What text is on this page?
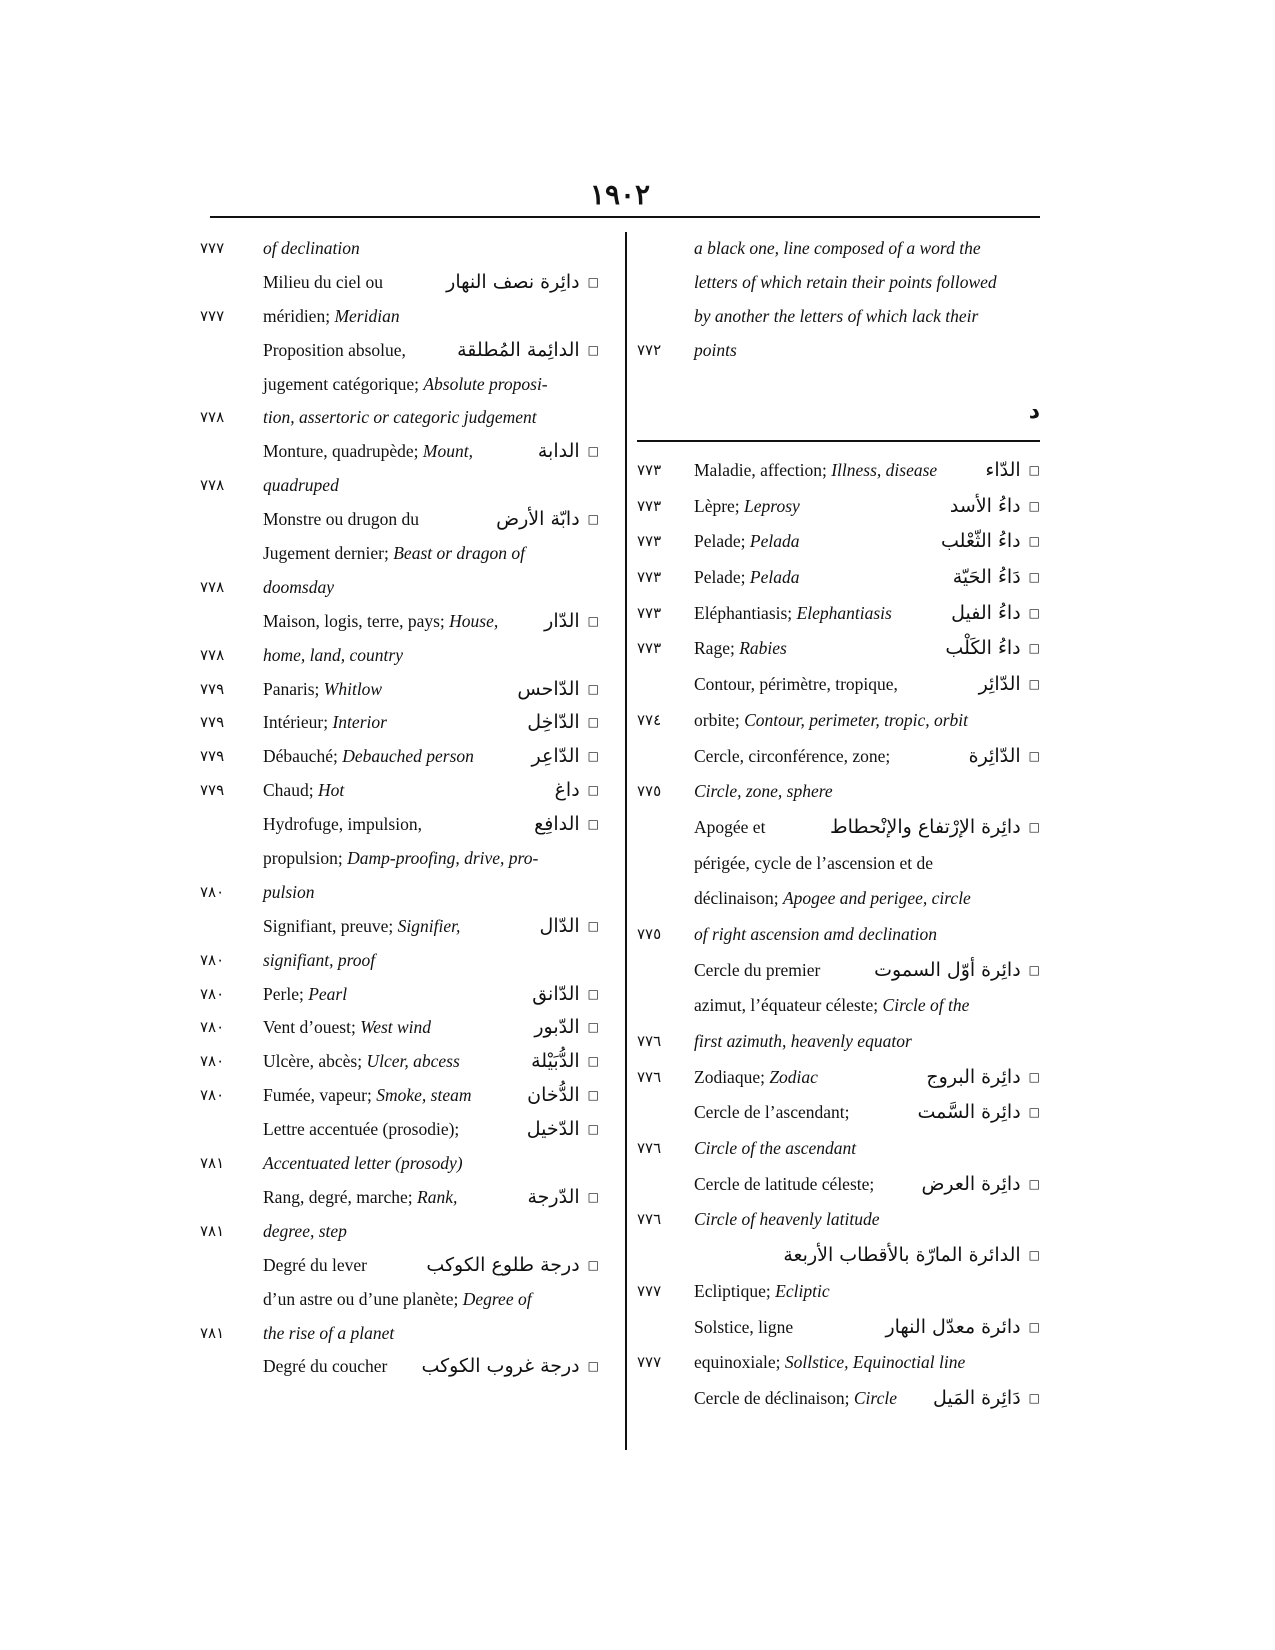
١٩٠٢
٧٧٧	of declination
Milieu du ciel ou	□دائِرة نصف النهار
٧٧٧	méridien; Meridian
Proposition absolue,	□الدائِمة المُطلقة
jugement catégorique; Absolute proposi-
٧٧٨	tion, assertoric or categoric judgement
Monture, quadrupède; Mount,	□الدابة
٧٧٨	quadruped
Monstre ou drugon du	□دابّة الأرض
Jugement dernier; Beast or dragon of
٧٧٨	doomsday
Maison, logis, terre, pays; House,	□الدّار
٧٧٨	home, land, country
٧٧٩	Panaris; Whitlow	□الدّاحس
٧٧٩	Intérieur; Interior	□الدّاخِل
٧٧٩	Débauché; Debauched person	□الدّاعِر
٧٧٩	Chaud; Hot	□داغ
Hydrofuge, impulsion,	□الدافِع
propulsion; Damp-proofing, drive, pro-
٧٨٠	pulsion
Signifiant, preuve; Signifier,	□الدّال
٧٨٠	signifiant, proof
٧٨٠	Perle; Pearl	□الدّانق
٧٨٠	Vent d’ouest; West wind	□الدّبور
٧٨٠	Ulcère, abcès; Ulcer, abcess	□الدُّبَيْلة
٧٨٠	Fumée, vapeur; Smoke, steam	□الدُّخان
Lettre accentuée (prosodie);	□الدّخيل
٧٨١	Accentuated letter (prosody)
Rang, degré, marche; Rank,	□الدّرجة
٧٨١	degree, step
Degré du lever	□درجة طلوع الكوكب
d’un astre ou d’une planète; Degree of
٧٨١	the rise of a planet
Degré du coucher	□درجة غروب الكوكب
a black one, line composed of a word the
letters of which retain their points followed
by another the letters of which lack their
٧٧٢	points
د
٧٧٣	Maladie, affection; Illness, disease	□الدّاء
٧٧٣	Lèpre; Leprosy	□داءُ الأسد
٧٧٣	Pelade; Pelada	□داءُ الثّعْلب
٧٧٣	Pelade; Pelada	□دَاءُ الحَيّة
٧٧٣	Eléphantiasis; Elephantiasis	□داءُ الفيل
٧٧٣	Rage; Rabies	□داءُ الكَلْب
Contour, périmètre, tropique,	□الدّائِر
٧٧٤	orbite; Contour, perimeter, tropic, orbit
Cercle, circonférence, zone;	□الدّائِرة
٧٧٥	Circle, zone, sphere
Apogée et	□دائِرة الإرْتفاع والإنْحطاط
périgée, cycle de l’ascension et de
déclinaison; Apogee and perigee, circle
٧٧٥	of right ascension amd declination
Cercle du premier	□دائِرة أوّل السموت
azimut, l’équateur céleste; Circle of the
٧٧٦	first azimuth, heavenly equator
٧٧٦	Zodiaque; Zodiac	□دائِرة البروج
Cercle de l’ascendant;	□دائِرة السَّمت
٧٧٦	Circle of the ascendant
Cercle de latitude céleste;	□دائِرة العرض
٧٧٦	Circle of heavenly latitude
□الدائرة المارّة بالأقطاب الأربعة
٧٧٧	Ecliptique; Ecliptic
Solstice, ligne	□دائرة معدّل النهار
٧٧٧	equinoxiale; Sollstice, Equinoctial line
Cercle de déclinaison; Circle	□دَائِرة المَيل
